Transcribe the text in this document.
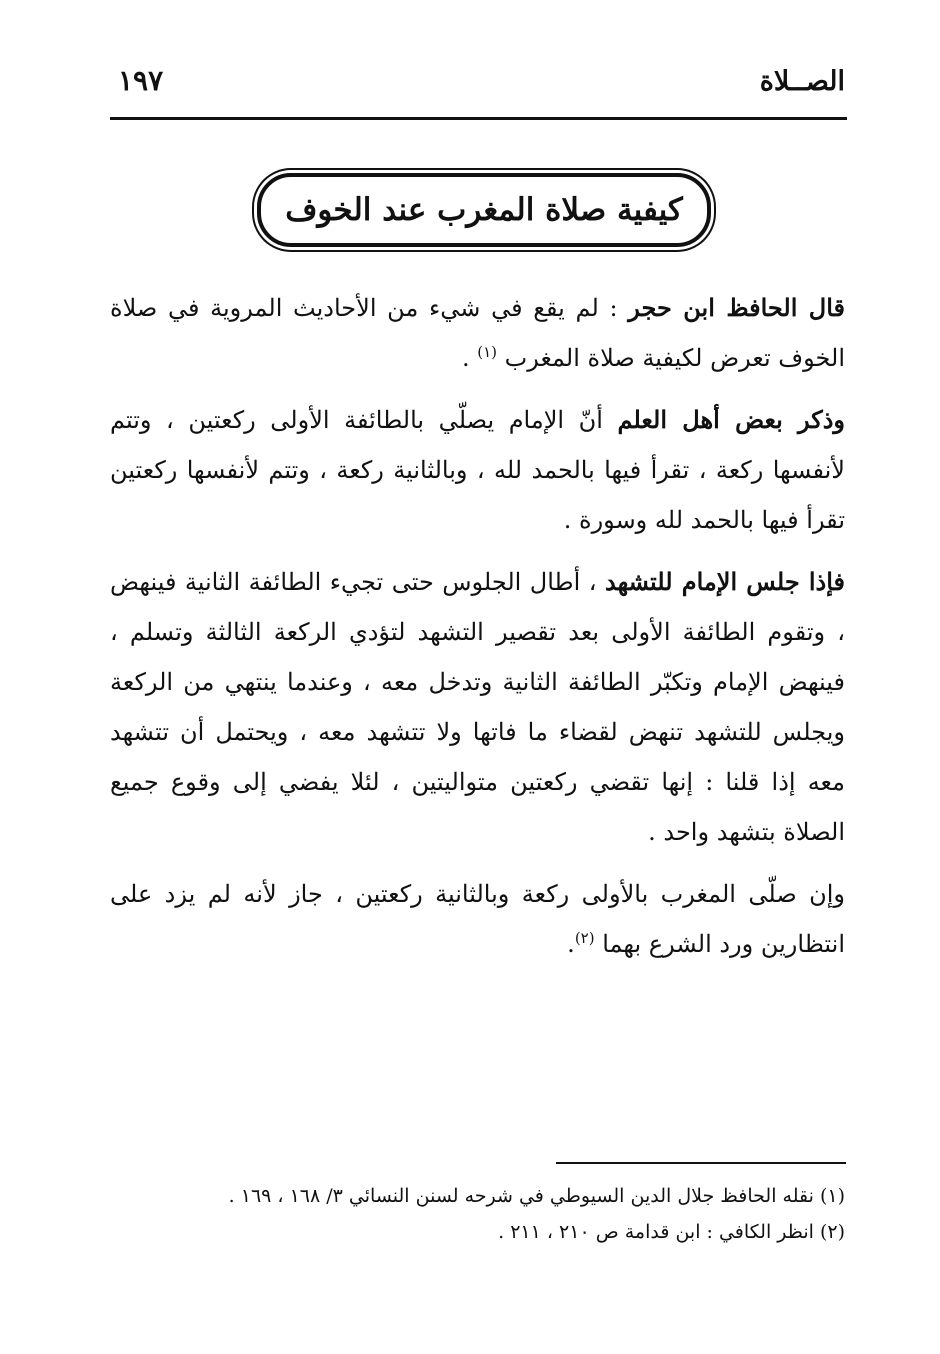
الصــلاة
١٩٧
كيفية صلاة المغرب عند الخوف

قال الحافظ ابن حجر : لم يقع في شيء من الأحاديث المروية في صلاة الخوف تعرض لكيفية صلاة المغرب $^{(١)}$ .

وذكر بعض أهل العلم أنّ الإمام يصلّي بالطائفة الأولى ركعتين ، وتتم لأنفسها ركعة ، تقرأ فيها بالحمد لله ، وبالثانية ركعة ، وتتم لأنفسها ركعتين تقرأ فيها بالحمد لله وسورة .

فإذا جلس الإمام للتشهد ، أطال الجلوس حتى تجيء الطائفة الثانية فينهض ، وتقوم الطائفة الأولى بعد تقصير التشهد لتؤدي الركعة الثالثة وتسلم ، فينهض الإمام وتكبّر الطائفة الثانية وتدخل معه ، وعندما ينتهي من الركعة ويجلس للتشهد تنهض لقضاء ما فاتها ولا تتشهد معه ، ويحتمل أن تتشهد معه إذا قلنا : إنها تقضي ركعتين متواليتين ، لئلا يفضي إلى وقوع جميع الصلاة بتشهد واحد .

وإن صلّى المغرب بالأولى ركعة وبالثانية ركعتين ، جاز لأنه لم يزد على انتظارين ورد الشرع بهما $^{(٢)}$.

(١) نقله الحافظ جلال الدين السيوطي في شرحه لسنن النسائي ٣/ ١٦٨ ، ١٦٩ .
(٢) انظر الكافي : ابن قدامة ص ٢١٠ ، ٢١١ .
